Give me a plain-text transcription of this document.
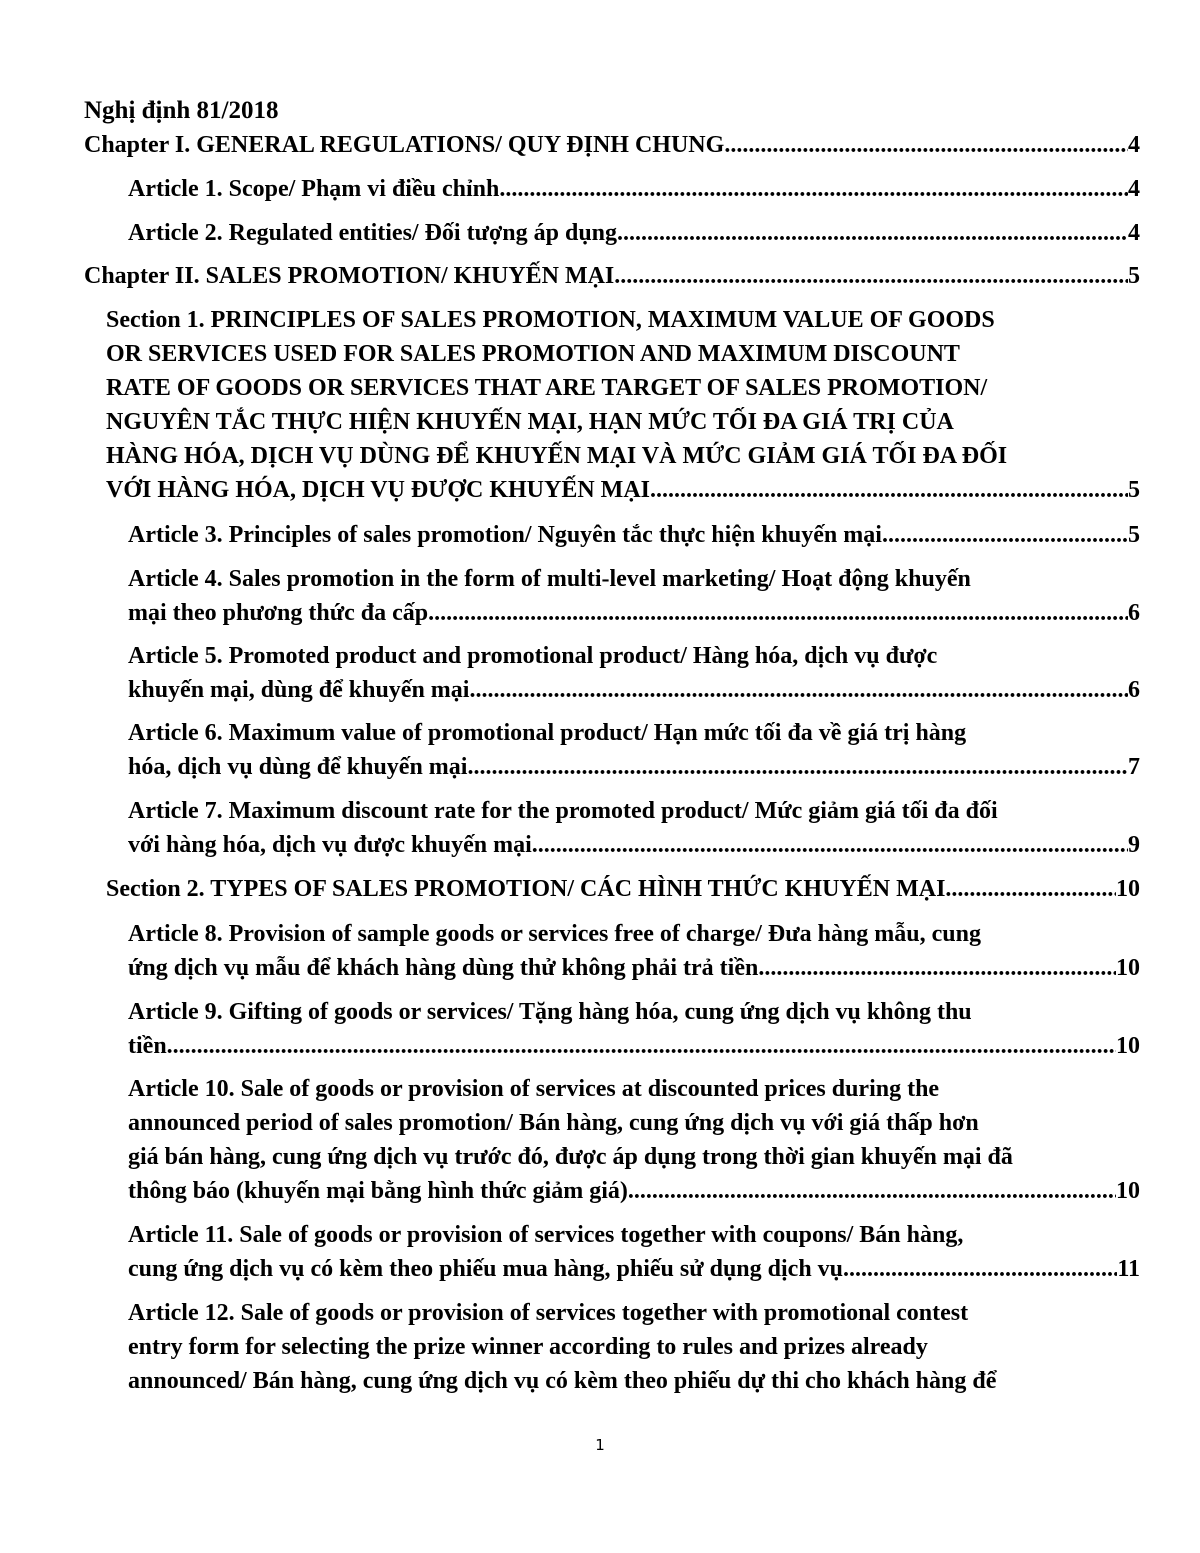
Nghị định 81/2018
Chapter I. GENERAL REGULATIONS/ QUY ĐỊNH CHUNG .....	4
Article 1. Scope/ Phạm vi điều chỉnh .....	4
Article 2. Regulated entities/ Đối tượng áp dụng .....	4
Chapter II. SALES PROMOTION/ KHUYẾN MẠI .....	5
Section 1. PRINCIPLES OF SALES PROMOTION, MAXIMUM VALUE OF GOODS
OR SERVICES USED FOR SALES PROMOTION AND MAXIMUM DISCOUNT
RATE OF GOODS OR SERVICES THAT ARE TARGET OF SALES PROMOTION/
NGUYÊN TẮC THỰC HIỆN KHUYẾN MẠI, HẠN MỨC TỐI ĐA GIÁ TRỊ CỦA
HÀNG HÓA, DỊCH VỤ DÙNG ĐỂ KHUYẾN MẠI VÀ MỨC GIẢM GIÁ TỐI ĐA ĐỐI
VỚI HÀNG HÓA, DỊCH VỤ ĐƯỢC KHUYẾN MẠI .....	5
Article 3. Principles of sales promotion/ Nguyên tắc thực hiện khuyến mại .....	5
Article 4. Sales promotion in the form of multi-level marketing/ Hoạt động khuyến
mại theo phương thức đa cấp .....	6
Article 5. Promoted product and promotional product/ Hàng hóa, dịch vụ được
khuyến mại, dùng để khuyến mại .....	6
Article 6. Maximum value of promotional product/ Hạn mức tối đa về giá trị hàng
hóa, dịch vụ dùng để khuyến mại .....	7
Article 7. Maximum discount rate for the promoted product/ Mức giảm giá tối đa đối
với hàng hóa, dịch vụ được khuyến mại .....	9
Section 2. TYPES OF SALES PROMOTION/ CÁC HÌNH THỨC KHUYẾN MẠI .....	10
Article 8. Provision of sample goods or services free of charge/ Đưa hàng mẫu, cung
ứng dịch vụ mẫu để khách hàng dùng thử không phải trả tiền .....	10
Article 9. Gifting of goods or services/ Tặng hàng hóa, cung ứng dịch vụ không thu
tiền .....	10
Article 10. Sale of goods or provision of services at discounted prices during the
announced period of sales promotion/ Bán hàng, cung ứng dịch vụ với giá thấp hơn
giá bán hàng, cung ứng dịch vụ trước đó, được áp dụng trong thời gian khuyến mại đã
thông báo (khuyến mại bằng hình thức giảm giá) .....	10
Article 11. Sale of goods or provision of services together with coupons/ Bán hàng,
cung ứng dịch vụ có kèm theo phiếu mua hàng, phiếu sử dụng dịch vụ .....	11
Article 12. Sale of goods or provision of services together with promotional contest
entry form for selecting the prize winner according to rules and prizes already
announced/ Bán hàng, cung ứng dịch vụ có kèm theo phiếu dự thi cho khách hàng để
1
